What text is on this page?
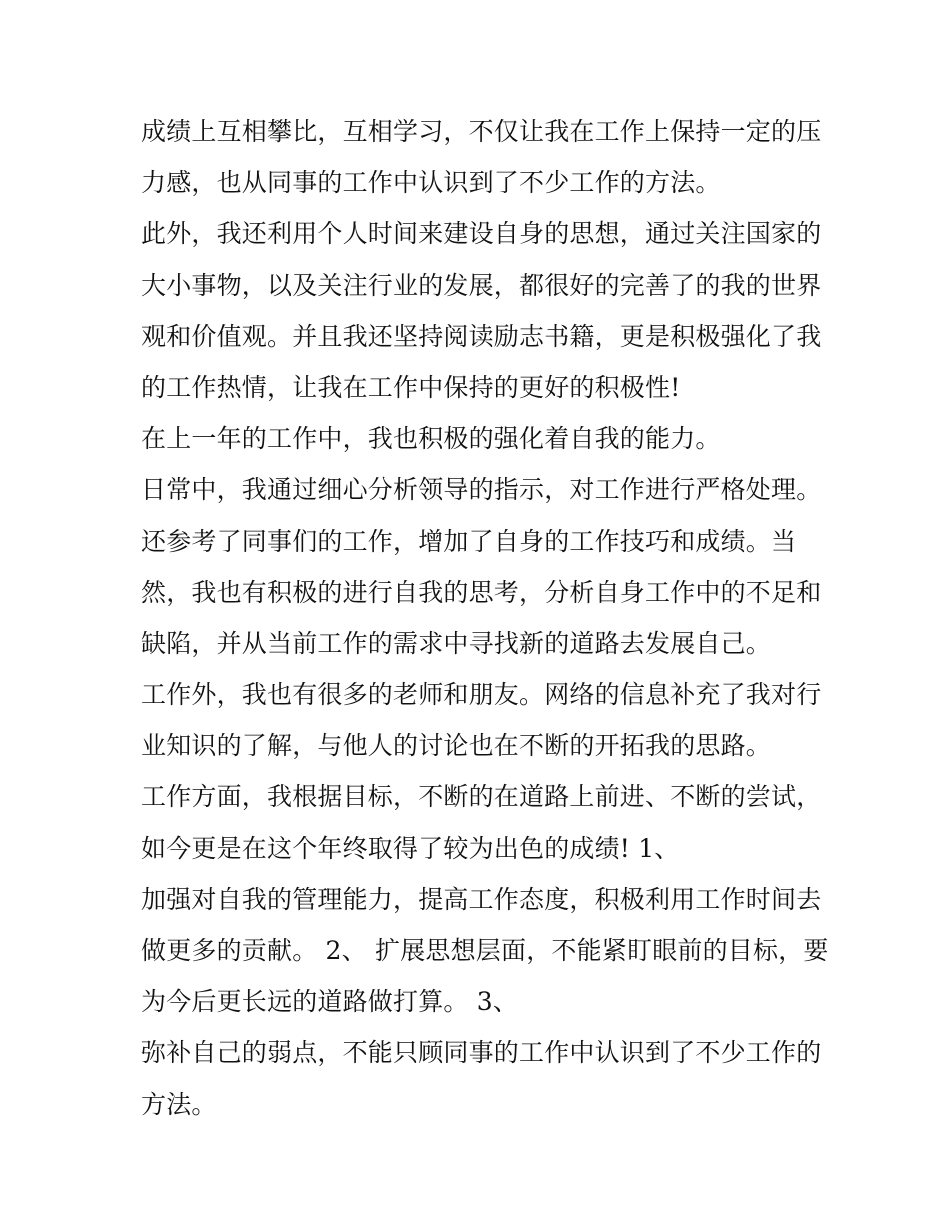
成绩上互相攀比，互相学习，不仅让我在工作上保持一定的压
力感，也从同事的工作中认识到了不少工作的方法。
此外，我还利用个人时间来建设自身的思想，通过关注国家的
大小事物，以及关注行业的发展，都很好的完善了的我的世界
观和价值观。并且我还坚持阅读励志书籍，更是积极强化了我
的工作热情，让我在工作中保持的更好的积极性!
在上一年的工作中，我也积极的强化着自我的能力。
日常中，我通过细心分析领导的指示，对工作进行严格处理。
还参考了同事们的工作，增加了自身的工作技巧和成绩。当
然，我也有积极的进行自我的思考，分析自身工作中的不足和
缺陷，并从当前工作的需求中寻找新的道路去发展自己。
工作外，我也有很多的老师和朋友。网络的信息补充了我对行
业知识的了解，与他人的讨论也在不断的开拓我的思路。
工作方面，我根据目标，不断的在道路上前进、不断的尝试，
如今更是在这个年终取得了较为出色的成绩! 1、
加强对自我的管理能力，提高工作态度，积极利用工作时间去
做更多的贡献。 2、 扩展思想层面，不能紧盯眼前的目标，要
为今后更长远的道路做打算。 3、
弥补自己的弱点，不能只顾同事的工作中认识到了不少工作的
方法。
